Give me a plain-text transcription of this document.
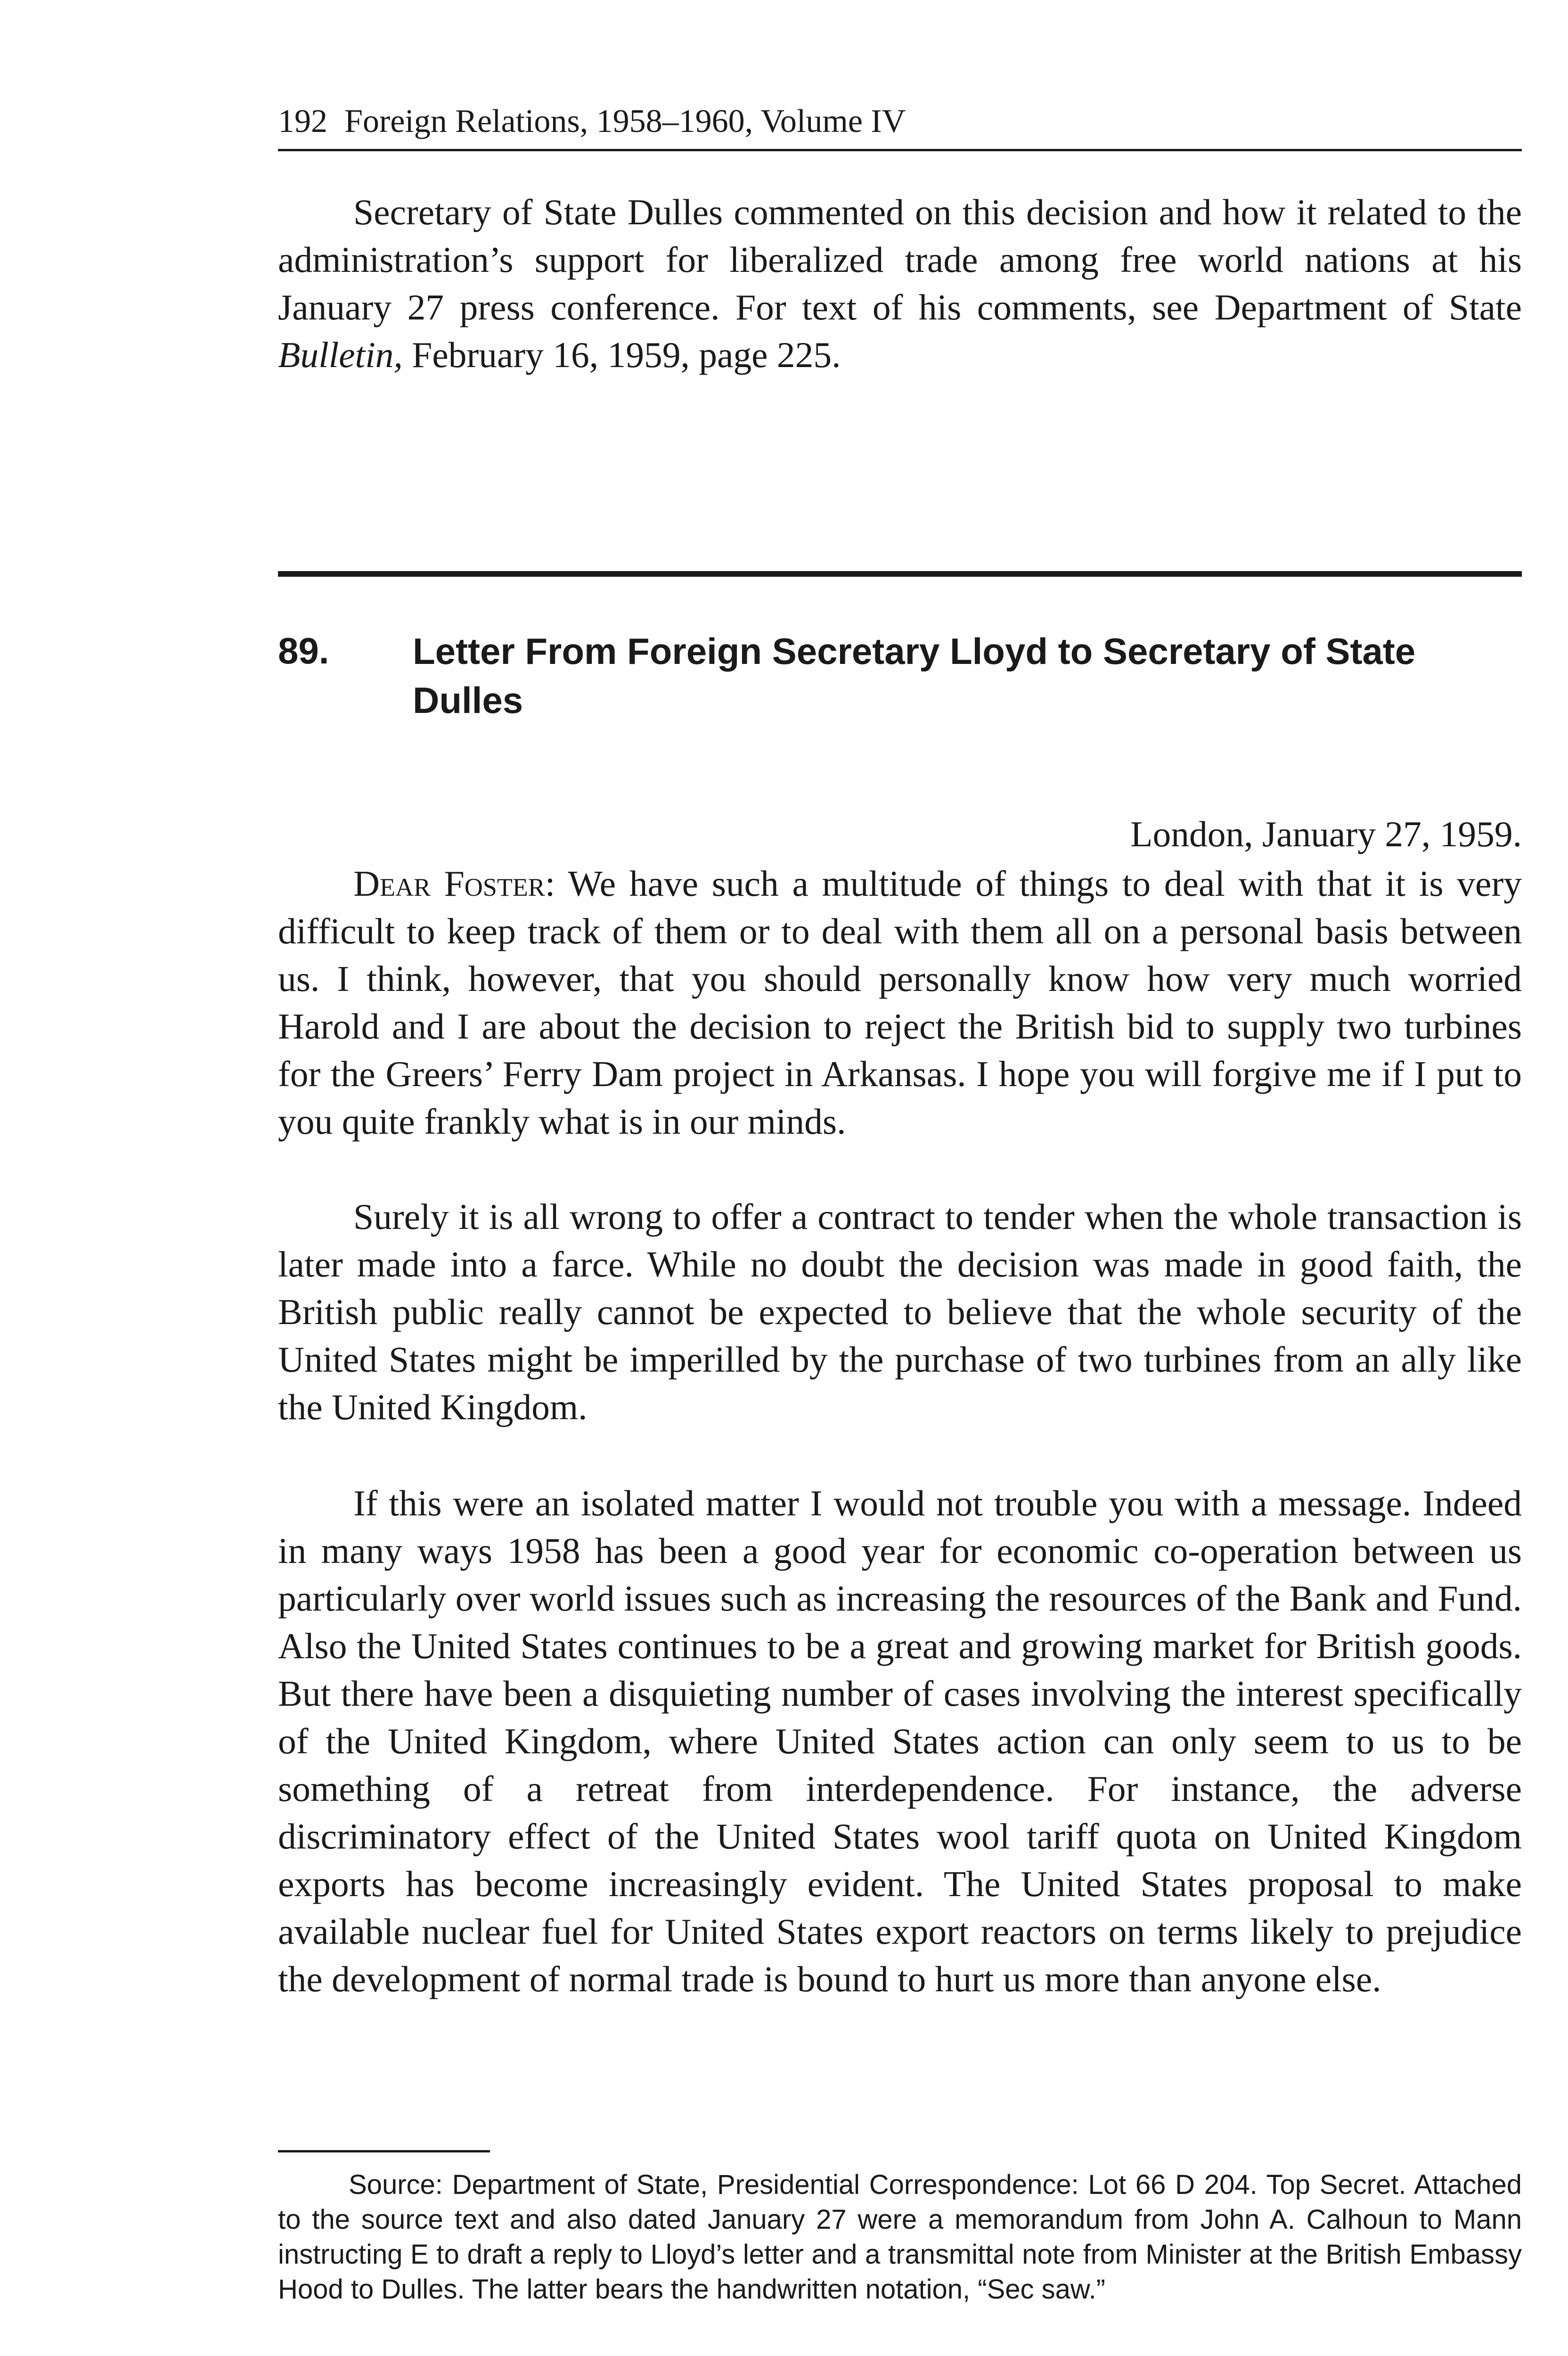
192 Foreign Relations, 1958–1960, Volume IV

Secretary of State Dulles commented on this decision and how it related to the administration’s support for liberalized trade among free world nations at his January 27 press conference. For text of his comments, see Department of State Bulletin, February 16, 1959, page 225.

89. Letter From Foreign Secretary Lloyd to Secretary of State Dulles
London, January 27, 1959.

Dear Foster: We have such a multitude of things to deal with that it is very difficult to keep track of them or to deal with them all on a personal basis between us. I think, however, that you should personally know how very much worried Harold and I are about the decision to reject the British bid to supply two turbines for the Greers’ Ferry Dam project in Arkansas. I hope you will forgive me if I put to you quite frankly what is in our minds.

Surely it is all wrong to offer a contract to tender when the whole transaction is later made into a farce. While no doubt the decision was made in good faith, the British public really cannot be expected to believe that the whole security of the United States might be imperilled by the purchase of two turbines from an ally like the United Kingdom.

If this were an isolated matter I would not trouble you with a message. Indeed in many ways 1958 has been a good year for economic co-operation between us particularly over world issues such as increasing the resources of the Bank and Fund. Also the United States continues to be a great and growing market for British goods. But there have been a disquieting number of cases involving the interest specifically of the United Kingdom, where United States action can only seem to us to be something of a retreat from interdependence. For instance, the adverse discriminatory effect of the United States wool tariff quota on United Kingdom exports has become increasingly evident. The United States proposal to make available nuclear fuel for United States export reactors on terms likely to prejudice the development of normal trade is bound to hurt us more than anyone else.

Source: Department of State, Presidential Correspondence: Lot 66 D 204. Top Secret. Attached to the source text and also dated January 27 were a memorandum from John A. Calhoun to Mann instructing E to draft a reply to Lloyd’s letter and a transmittal note from Minister at the British Embassy Hood to Dulles. The latter bears the handwritten notation, “Sec saw.”
